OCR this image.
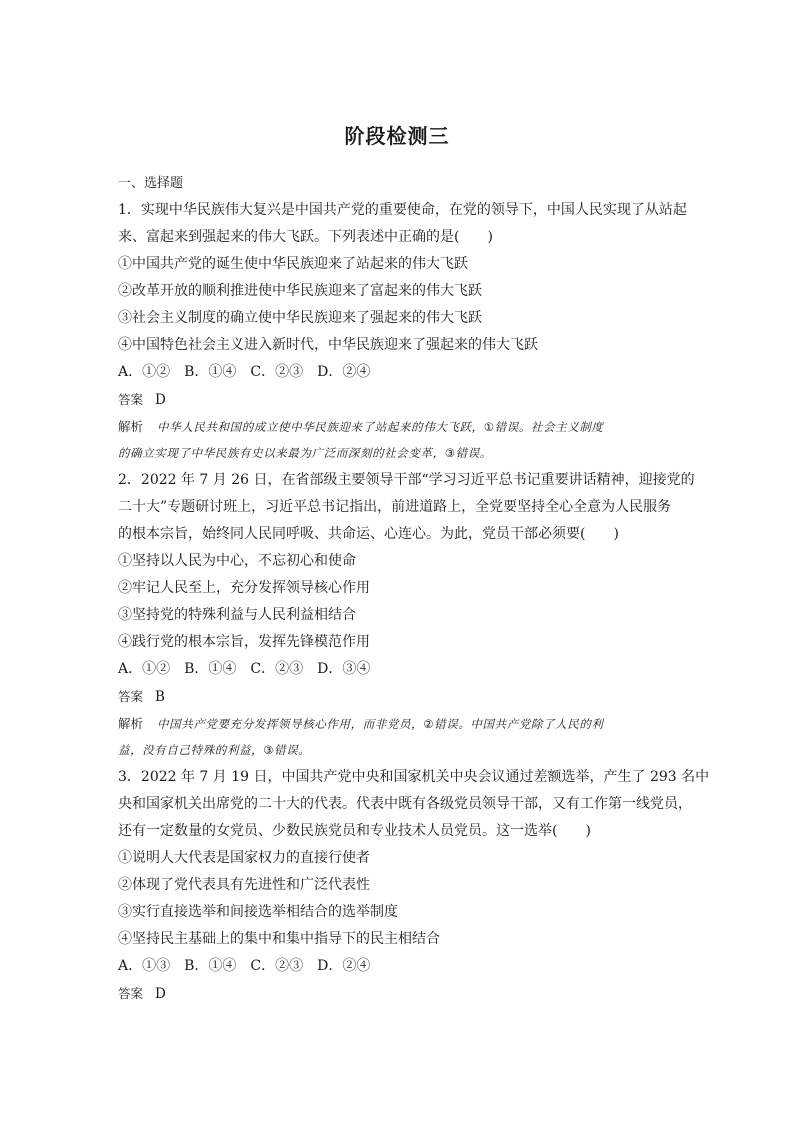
阶段检测三
一、选择题
1．实现中华民族伟大复兴是中国共产党的重要使命，在党的领导下，中国人民实现了从站起
来、富起来到强起来的伟大飞跃。下列表述中正确的是(　　)
①中国共产党的诞生使中华民族迎来了站起来的伟大飞跃
②改革开放的顺利推进使中华民族迎来了富起来的伟大飞跃
③社会主义制度的确立使中华民族迎来了强起来的伟大飞跃
④中国特色社会主义进入新时代，中华民族迎来了强起来的伟大飞跃
A．①②　B．①④　C．②③　D．②④
答案 D
解析 中华人民共和国的成立使中华民族迎来了站起来的伟大飞跃，①错误。社会主义制度
的确立实现了中华民族有史以来最为广泛而深刻的社会变革，③错误。
2．2022 年 7 月 26 日，在省部级主要领导干部“学习习近平总书记重要讲话精神，迎接党的
二十大”专题研讨班上，习近平总书记指出，前进道路上，全党要坚持全心全意为人民服务
的根本宗旨，始终同人民同呼吸、共命运、心连心。为此，党员干部必须要(　　)
①坚持以人民为中心，不忘初心和使命
②牢记人民至上，充分发挥领导核心作用
③坚持党的特殊利益与人民利益相结合
④践行党的根本宗旨，发挥先锋模范作用
A．①②　B．①④　C．②③　D．③④
答案 B
解析 中国共产党要充分发挥领导核心作用，而非党员，②错误。中国共产党除了人民的利
益，没有自己特殊的利益，③错误。
3．2022 年 7 月 19 日，中国共产党中央和国家机关中央会议通过差额选举，产生了 293 名中
央和国家机关出席党的二十大的代表。代表中既有各级党员领导干部，又有工作第一线党员，
还有一定数量的女党员、少数民族党员和专业技术人员党员。这一选举(　　)
①说明人大代表是国家权力的直接行使者
②体现了党代表具有先进性和广泛代表性
③实行直接选举和间接选举相结合的选举制度
④坚持民主基础上的集中和集中指导下的民主相结合
A．①③　B．①④　C．②③　D．②④
答案 D
